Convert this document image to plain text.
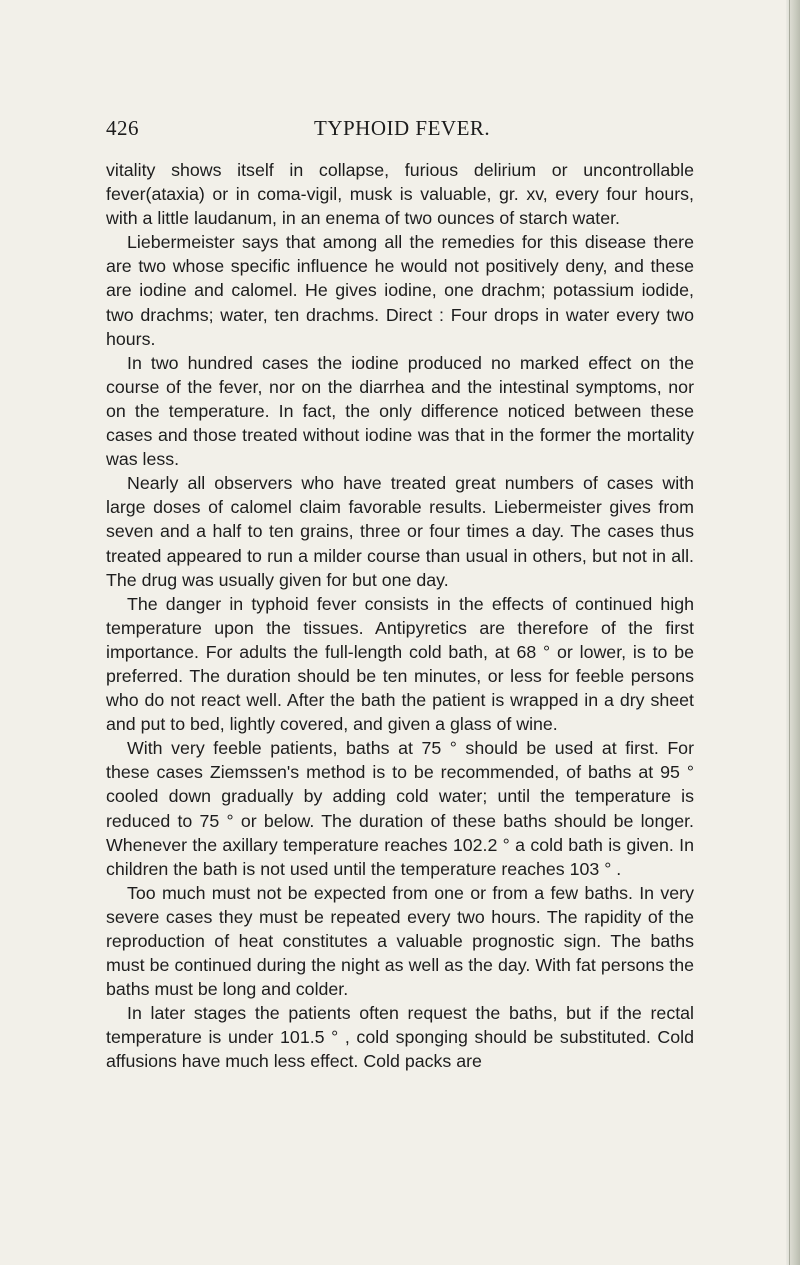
426	TYPHOID FEVER.

vitality shows itself in collapse, furious delirium or uncontrollable fever(ataxia) or in coma-vigil, musk is valuable, gr. xv, every four hours, with a little laudanum, in an enema of two ounces of starch water.

Liebermeister says that among all the remedies for this disease there are two whose specific influence he would not positively deny, and these are iodine and calomel. He gives iodine, one drachm; potassium iodide, two drachms; water, ten drachms. Direct : Four drops in water every two hours.

In two hundred cases the iodine produced no marked effect on the course of the fever, nor on the diarrhea and the intestinal symptoms, nor on the temperature. In fact, the only difference noticed between these cases and those treated without iodine was that in the former the mortality was less.

Nearly all observers who have treated great numbers of cases with large doses of calomel claim favorable results. Liebermeister gives from seven and a half to ten grains, three or four times a day. The cases thus treated appeared to run a milder course than usual in others, but not in all. The drug was usually given for but one day.

The danger in typhoid fever consists in the effects of continued high temperature upon the tissues. Antipyretics are therefore of the first importance. For adults the full-length cold bath, at 68 ° or lower, is to be preferred. The duration should be ten minutes, or less for feeble persons who do not react well. After the bath the patient is wrapped in a dry sheet and put to bed, lightly covered, and given a glass of wine.

With very feeble patients, baths at 75 ° should be used at first. For these cases Ziemssen's method is to be recommended, of baths at 95 ° cooled down gradually by adding cold water; until the temperature is reduced to 75 ° or below. The duration of these baths should be longer. Whenever the axillary temperature reaches 102.2 ° a cold bath is given. In children the bath is not used until the temperature reaches 103 ° .

Too much must not be expected from one or from a few baths. In very severe cases they must be repeated every two hours. The rapidity of the reproduction of heat constitutes a valuable prognostic sign. The baths must be continued during the night as well as the day. With fat persons the baths must be long and colder.

In later stages the patients often request the baths, but if the rectal temperature is under 101.5 ° , cold sponging should be substituted. Cold affusions have much less effect. Cold packs are
